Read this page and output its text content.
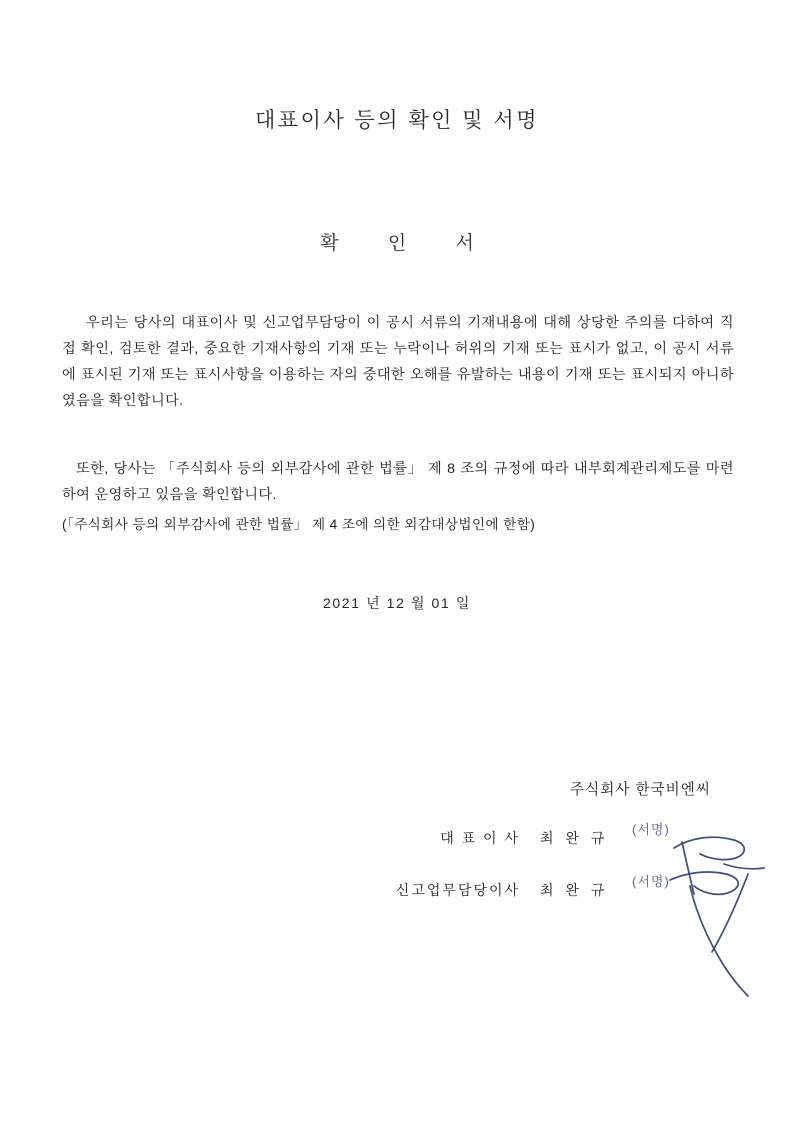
대표이사 등의 확인 및 서명
확 인 서
우리는 당사의 대표이사 및 신고업무담당이 이 공시 서류의 기재내용에 대해 상당한 주의를 다하여 직접 확인, 검토한 결과, 중요한 기재사항의 기재 또는 누락이나 허위의 기재 또는 표시가 없고, 이 공시 서류에 표시된 기재 또는 표시사항을 이용하는 자의 중대한 오해를 유발하는 내용이 기재 또는 표시되지 아니하였음을 확인합니다.
또한, 당사는 「주식회사 등의 외부감사에 관한 법률」 제 8 조의 규정에 따라 내부회계관리제도를 마련하여 운영하고 있음을 확인합니다.
(「주식회사 등의 외부감사에 관한 법률」 제 4 조에 의한 외감대상법인에 한함)
2021 년 12 월 01 일
주식회사 한국비엔씨
대 표 이 사	최 완 규
(서명)
신고업무담당이사	최 완 규
(서명)
